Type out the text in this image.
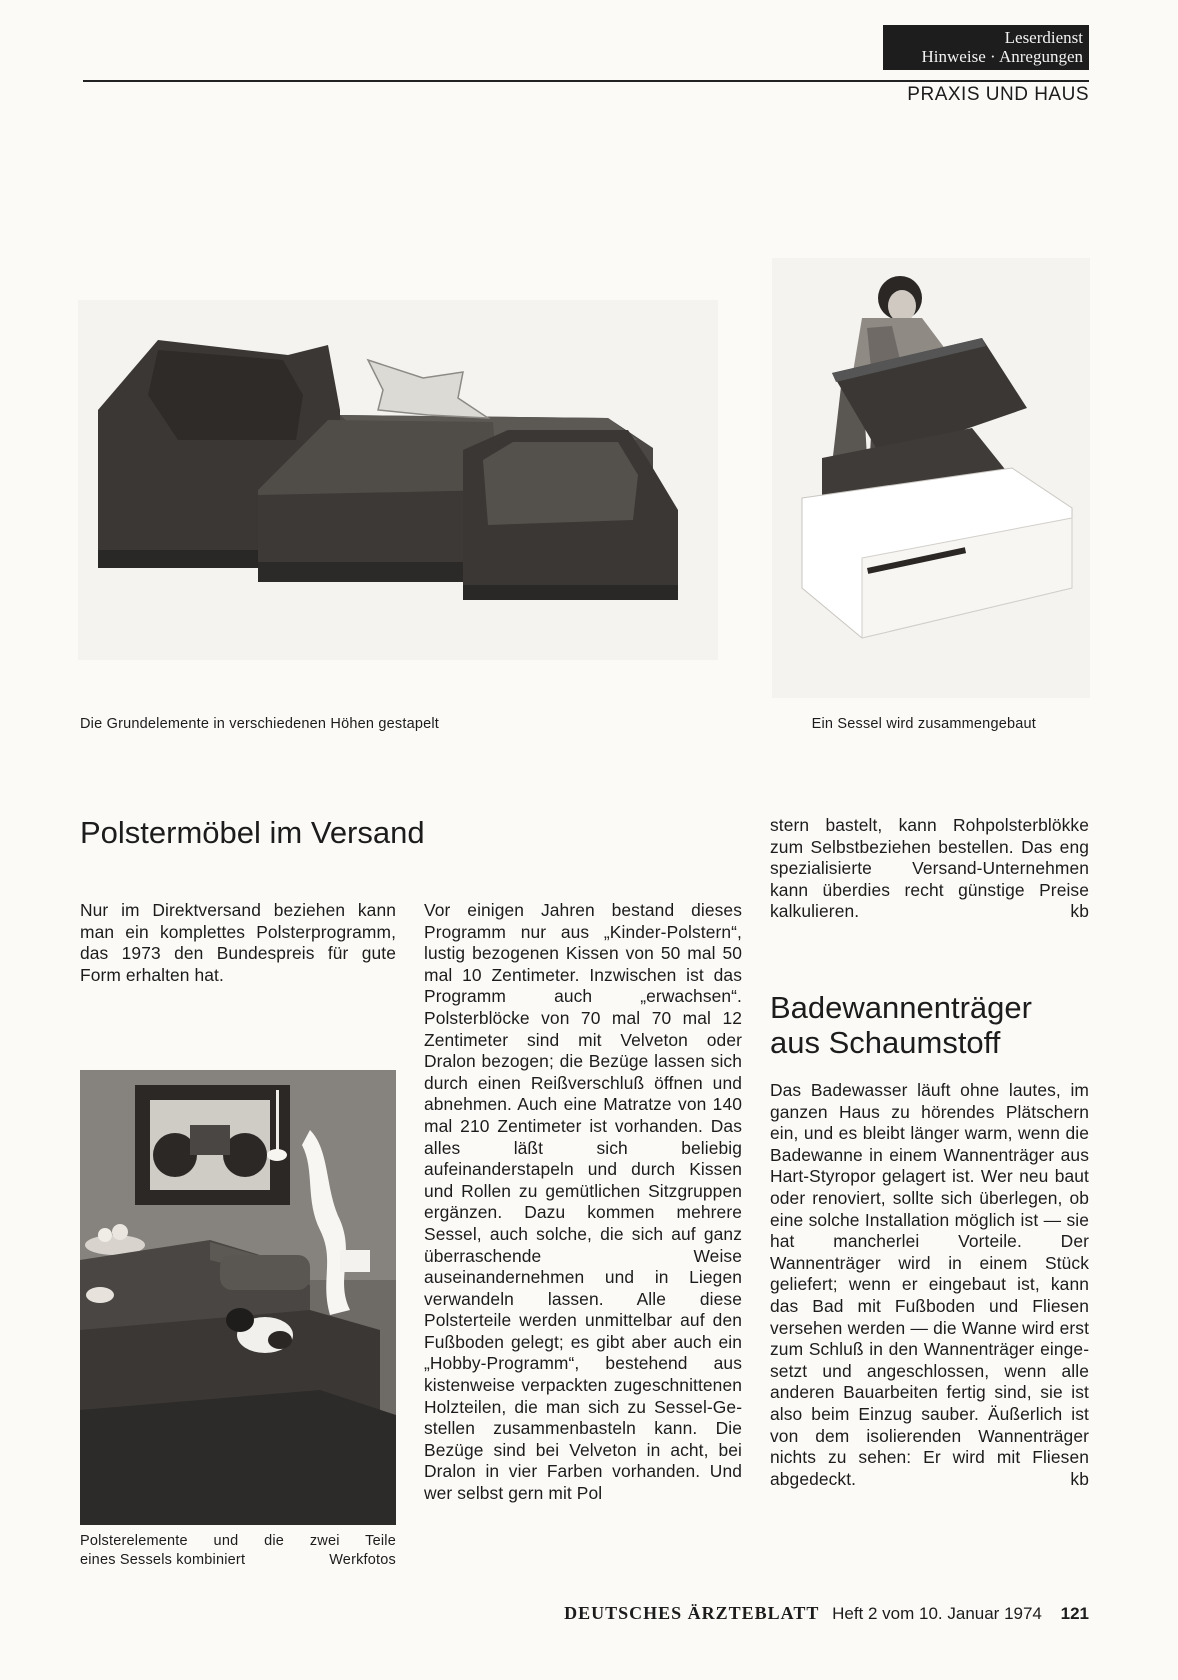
Leserdienst
Hinweise · Anregungen
PRAXIS UND HAUS
Die Grundelemente in verschiedenen Höhen gestapelt	Ein Sessel wird zusammengebaut
Polstermöbel im Versand

Nur im Direktversand beziehen kann man ein komplettes Polsterprogramm, das 1973 den Bundespreis für gute Form erhalten hat.

Polsterelemente und die zwei Teile
eines Sessels kombiniert	Werkfotos

Vor einigen Jahren bestand dieses Programm nur aus „Kinder-Polstern“, lustig bezogenen Kissen von 50 mal 50 mal 10 Zentimeter. Inzwischen ist das Programm auch „erwachsen“. Polsterblöcke von 70 mal 70 mal 12 Zentimeter sind mit Velveton oder Dralon bezogen; die Bezüge lassen sich durch einen Reißverschluß öffnen und abnehmen. Auch eine Matratze von 140 mal 210 Zentimeter ist vorhanden. Das alles läßt sich beliebig aufeinanderstapeln und durch Kissen und Rollen zu gemütlichen Sitzgruppen ergänzen. Dazu kommen mehrere Sessel, auch solche, die sich auf ganz überraschende Weise auseinandernehmen und in Liegen verwandeln lassen. Alle diese Polsterteile werden unmittelbar auf den Fußboden gelegt; es gibt aber auch ein „Hobby-Programm“, bestehend aus kistenweise verpackten zugeschnittenen Holzteilen, die man sich zu Sessel-Gestellen zusammenbasteln kann. Die Bezüge sind bei Velveton in acht, bei Dralon in vier Farben vorhanden. Und wer selbst gern mit Pol

stern bastelt, kann Rohpolsterblökke zum Selbstbeziehen bestellen. Das eng spezialisierte Versand-Unternehmen kann überdies recht günstige Preise kalkulieren.	kb

Badewannenträger
aus Schaumstoff

Das Badewasser läuft ohne lautes, im ganzen Haus zu hörendes Plätschern ein, und es bleibt länger warm, wenn die Badewanne in einem Wannenträger aus Hart-Styropor gelagert ist. Wer neu baut oder renoviert, sollte sich überlegen, ob eine solche Installation möglich ist — sie hat mancherlei Vorteile. Der Wannenträger wird in einem Stück geliefert; wenn er eingebaut ist, kann das Bad mit Fußboden und Fliesen versehen werden — die Wanne wird erst zum Schluß in den Wannenträger eingesetzt und angeschlossen, wenn alle anderen Bauarbeiten fertig sind, sie ist also beim Einzug sauber. Äußerlich ist von dem isolierenden Wannenträger nichts zu sehen: Er wird mit Fliesen abgedeckt.	kb

DEUTSCHES ÄRZTEBLATT Heft 2 vom 10. Januar 1974 121
